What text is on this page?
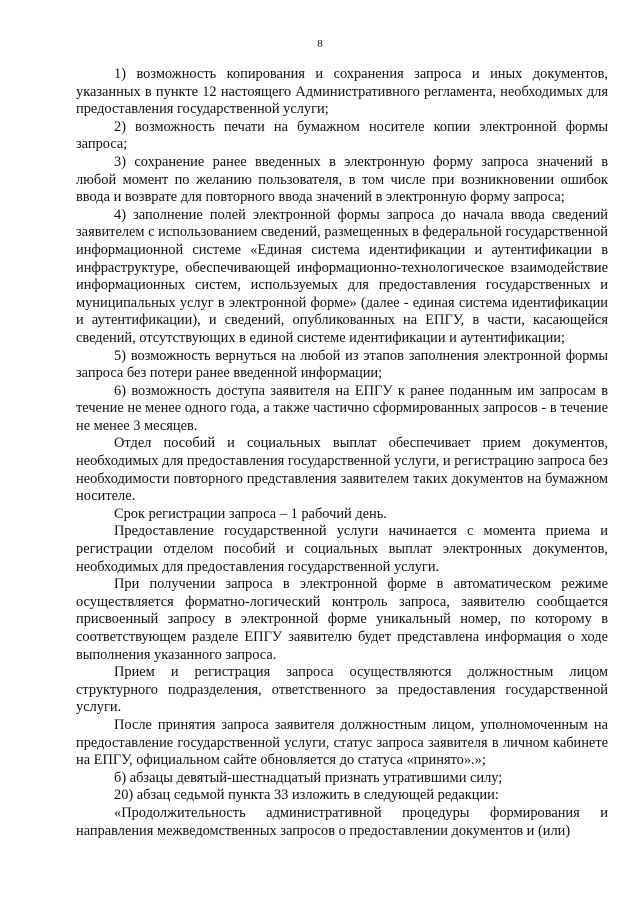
8

1) возможность копирования и сохранения запроса и иных документов, указанных в пункте 12 настоящего Административного регламента, необходимых для предоставления государственной услуги;

2) возможность печати на бумажном носителе копии электронной формы запроса;

3) сохранение ранее введенных в электронную форму запроса значений в любой момент по желанию пользователя, в том числе при возникновении ошибок ввода и возврате для повторного ввода значений в электронную форму запроса;

4) заполнение полей электронной формы запроса до начала ввода сведений заявителем с использованием сведений, размещенных в федеральной государственной информационной системе «Единая система идентификации и аутентификации в инфраструктуре, обеспечивающей информационно-технологическое взаимодействие информационных систем, используемых для предоставления государственных и муниципальных услуг в электронной форме» (далее - единая система идентификации и аутентификации), и сведений, опубликованных на ЕПГУ, в части, касающейся сведений, отсутствующих в единой системе идентификации и аутентификации;

5) возможность вернуться на любой из этапов заполнения электронной формы запроса без потери ранее введенной информации;

6) возможность доступа заявителя на ЕПГУ к ранее поданным им запросам в течение не менее одного года, а также частично сформированных запросов - в течение не менее 3 месяцев.

Отдел пособий и социальных выплат обеспечивает прием документов, необходимых для предоставления государственной услуги, и регистрацию запроса без необходимости повторного представления заявителем таких документов на бумажном носителе.

Срок регистрации запроса – 1 рабочий день.

Предоставление государственной услуги начинается с момента приема и регистрации отделом пособий и социальных выплат электронных документов, необходимых для предоставления государственной услуги.

При получении запроса в электронной форме в автоматическом режиме осуществляется форматно-логический контроль запроса, заявителю сообщается присвоенный запросу в электронной форме уникальный номер, по которому в соответствующем разделе ЕПГУ заявителю будет представлена информация о ходе выполнения указанного запроса.

Прием и регистрация запроса осуществляются должностным лицом структурного подразделения, ответственного за предоставления государственной услуги.

После принятия запроса заявителя должностным лицом, уполномоченным на предоставление государственной услуги, статус запроса заявителя в личном кабинете на ЕПГУ, официальном сайте обновляется до статуса «принято».»;

б) абзацы девятый-шестнадцатый признать утратившими силу;

20) абзац седьмой пункта 33 изложить в следующей редакции:

«Продолжительность административной процедуры формирования и направления межведомственных запросов о предоставлении документов и (или)
